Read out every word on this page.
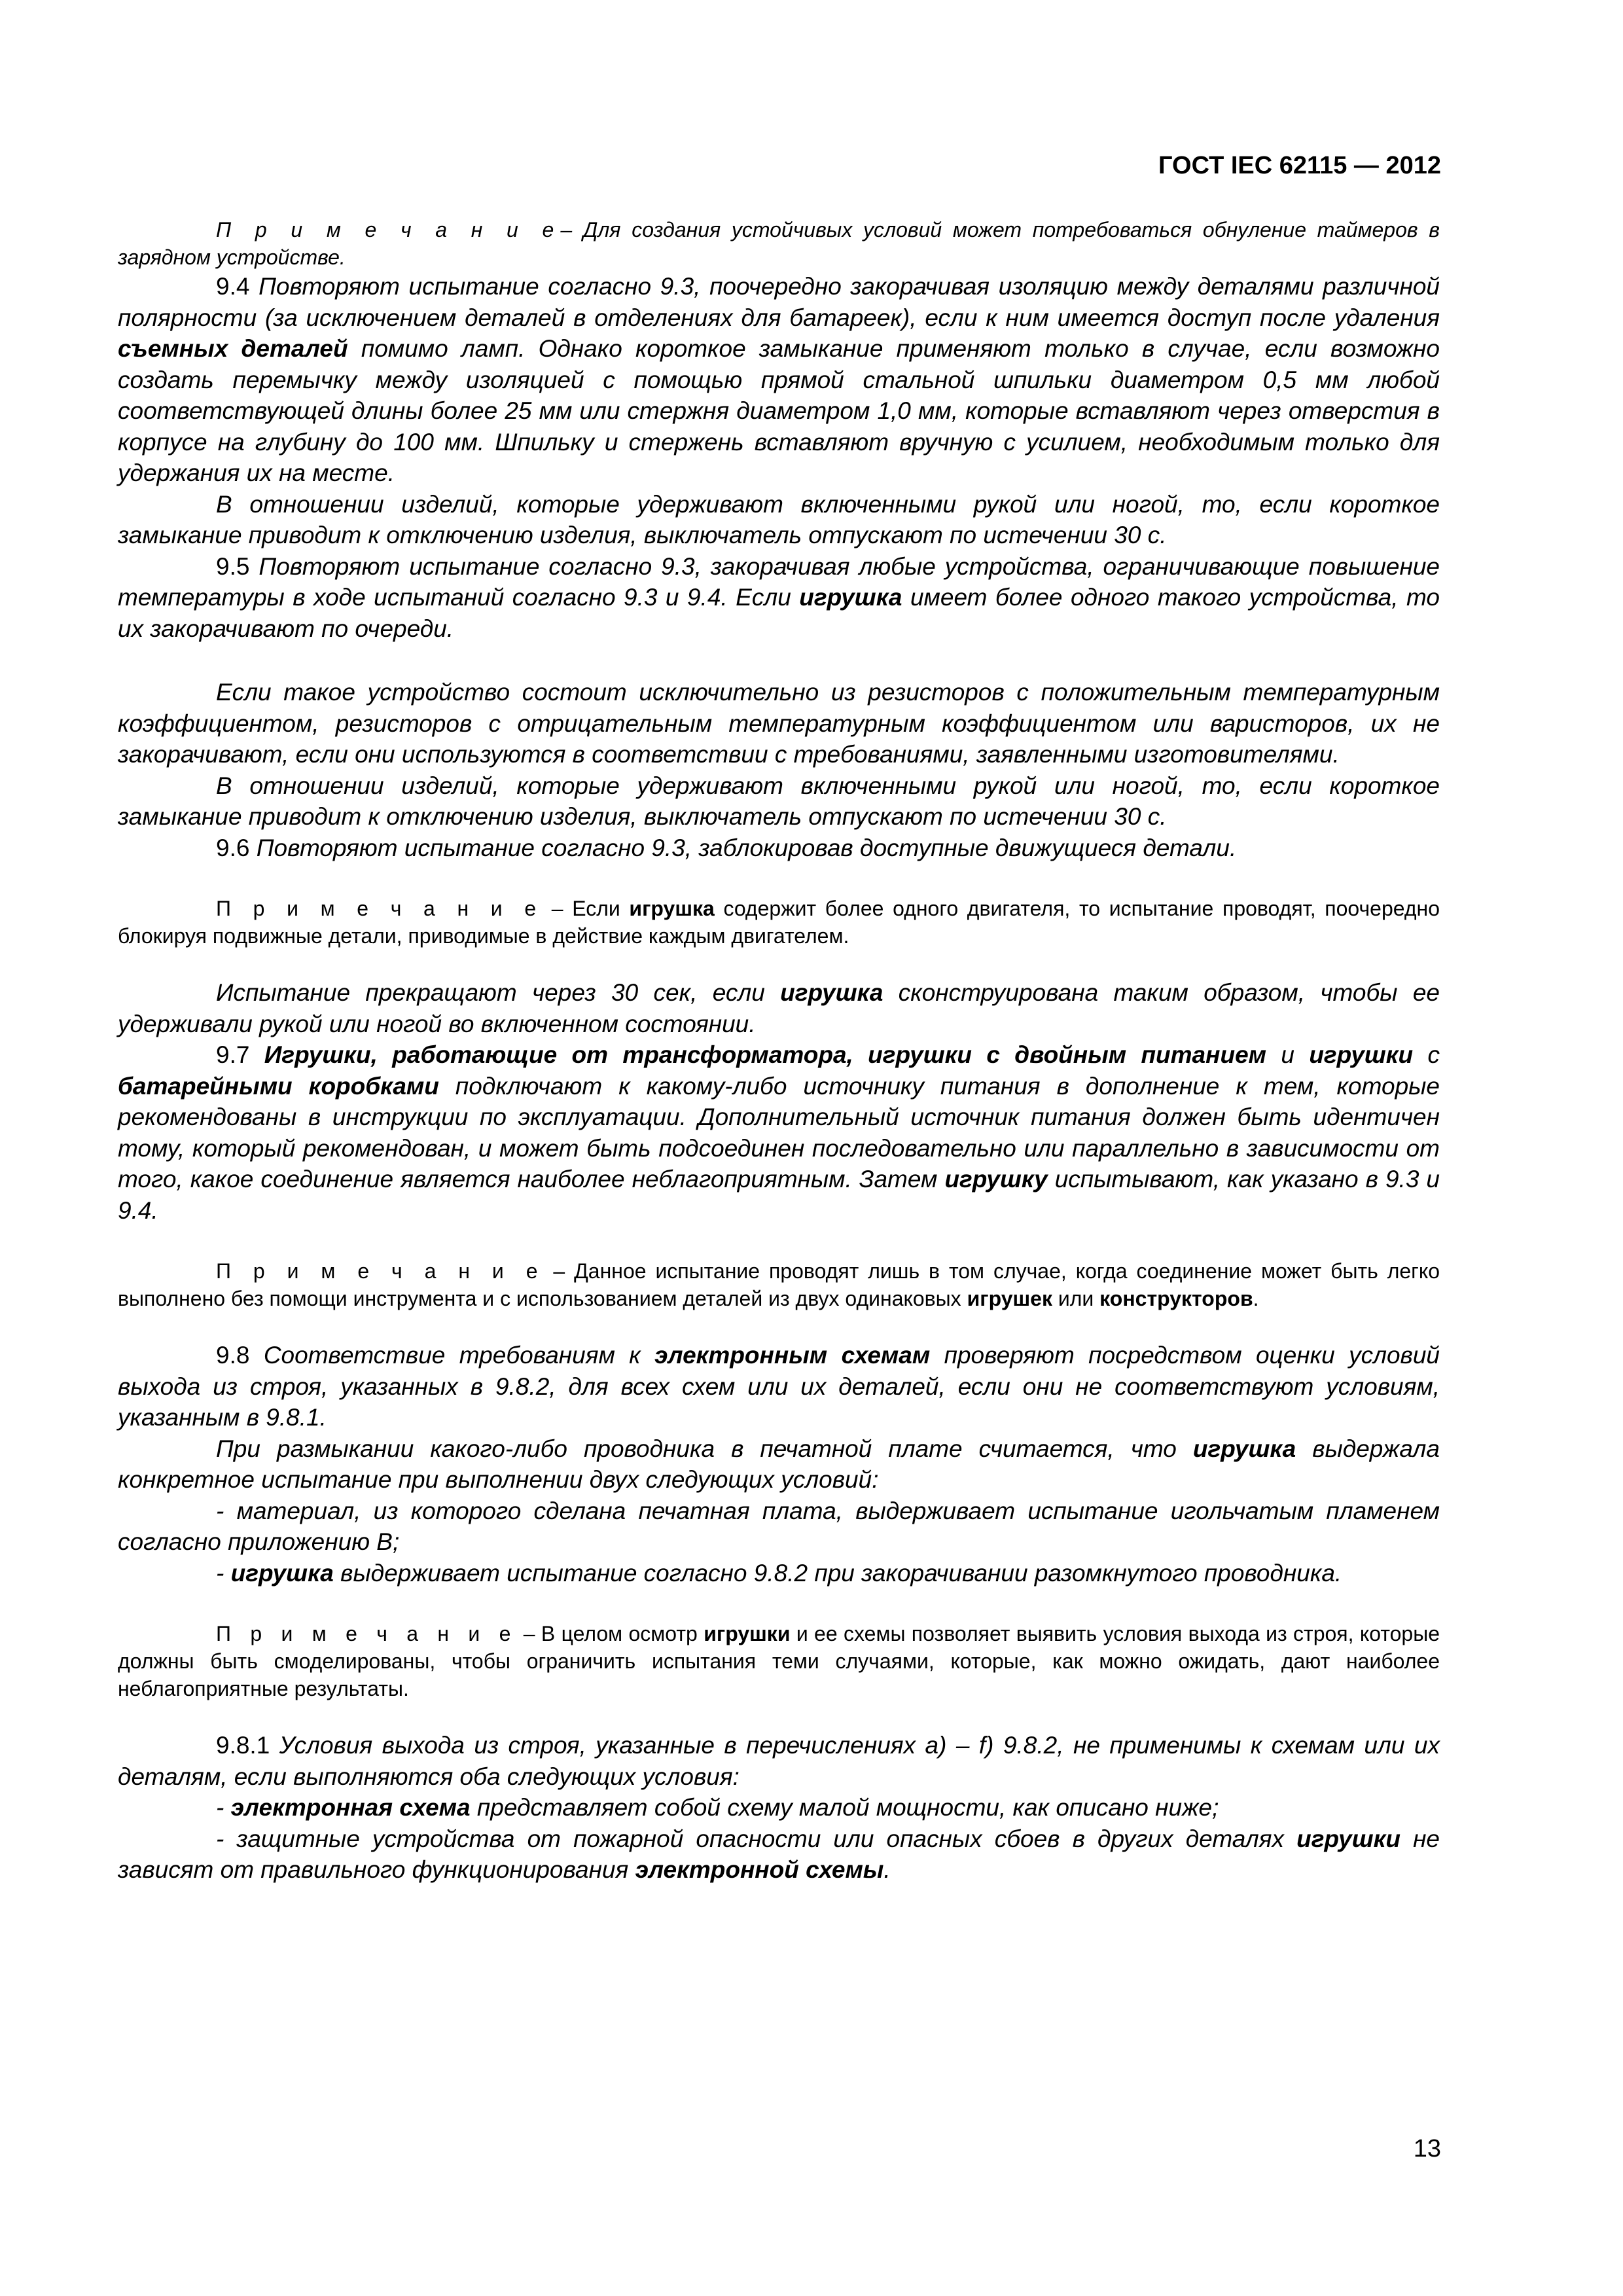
ГОСТ IEC 62115 — 2012

П р и м е ч а н и е– Для создания устойчивых условий может потребоваться обнуление таймеров в зарядном устройстве.

9.4 Повторяют испытание согласно 9.3, поочередно закорачивая изоляцию между деталями различной полярности (за исключением деталей в отделениях для батареек), если к ним имеется доступ после удаления съемных деталей помимо ламп. Однако короткое замыкание применяют только в случае, если возможно создать перемычку между изоляцией с помощью прямой стальной шпильки диаметром 0,5 мм любой соответствующей длины более 25 мм или стержня диаметром 1,0 мм, которые вставляют через отверстия в корпусе на глубину до 100 мм. Шпильку и стержень вставляют вручную с усилием, необходимым только для удержания их на месте.

В отношении изделий, которые удерживают включенными рукой или ногой, то, если короткое замыкание приводит к отключению изделия, выключатель отпускают по истечении 30 с.

9.5 Повторяют испытание согласно 9.3, закорачивая любые устройства, ограничивающие повышение температуры в ходе испытаний согласно 9.3 и 9.4. Если игрушка имеет более одного такого устройства, то их закорачивают по очереди.

Если такое устройство состоит исключительно из резисторов с положительным температурным коэффициентом, резисторов с отрицательным температурным коэффициентом или варисторов, их не закорачивают, если они используются в соответствии с требованиями, заявленными изготовителями.

В отношении изделий, которые удерживают включенными рукой или ногой, то, если короткое замыкание приводит к отключению изделия, выключатель отпускают по истечении 30 с.

9.6 Повторяют испытание согласно 9.3, заблокировав доступные движущиеся детали.

П р и м е ч а н и е – Если игрушка содержит более одного двигателя, то испытание проводят, поочередно блокируя подвижные детали, приводимые в действие каждым двигателем.

Испытание прекращают через 30 сек, если игрушка сконструирована таким образом, чтобы ее удерживали рукой или ногой во включенном состоянии.

9.7 Игрушки, работающие от трансформатора, игрушки с двойным питанием и игрушки с батарейными коробками подключают к какому-либо источнику питания в дополнение к тем, которые рекомендованы в инструкции по эксплуатации. Дополнительный источник питания должен быть идентичен тому, который рекомендован, и может быть подсоединен последовательно или параллельно в зависимости от того, какое соединение является наиболее неблагоприятным. Затем игрушку испытывают, как указано в 9.3 и 9.4.

П р и м е ч а н и е – Данное испытание проводят лишь в том случае, когда соединение может быть легко выполнено без помощи инструмента и с использованием деталей из двух одинаковых игрушек или конструкторов.

9.8 Соответствие требованиям к электронным схемам проверяют посредством оценки условий выхода из строя, указанных в 9.8.2, для всех схем или их деталей, если они не соответствуют условиям, указанным в 9.8.1.

При размыкании какого-либо проводника в печатной плате считается, что игрушка выдержала конкретное испытание при выполнении двух следующих условий:

- материал, из которого сделана печатная плата, выдерживает испытание игольчатым пламенем согласно приложению В;

- игрушка выдерживает испытание согласно 9.8.2 при закорачивании разомкнутого проводника.

П р и м е ч а н и е – В целом осмотр игрушки и ее схемы позволяет выявить условия выхода из строя, которые должны быть смоделированы, чтобы ограничить испытания теми случаями, которые, как можно ожидать, дают наиболее неблагоприятные результаты.

9.8.1 Условия выхода из строя, указанные в перечислениях а) – f) 9.8.2, не применимы к схемам или их деталям, если выполняются оба следующих условия:

- электронная схема представляет собой схему малой мощности, как описано ниже;

- защитные устройства от пожарной опасности или опасных сбоев в других деталях игрушки не зависят от правильного функционирования электронной схемы.

13
